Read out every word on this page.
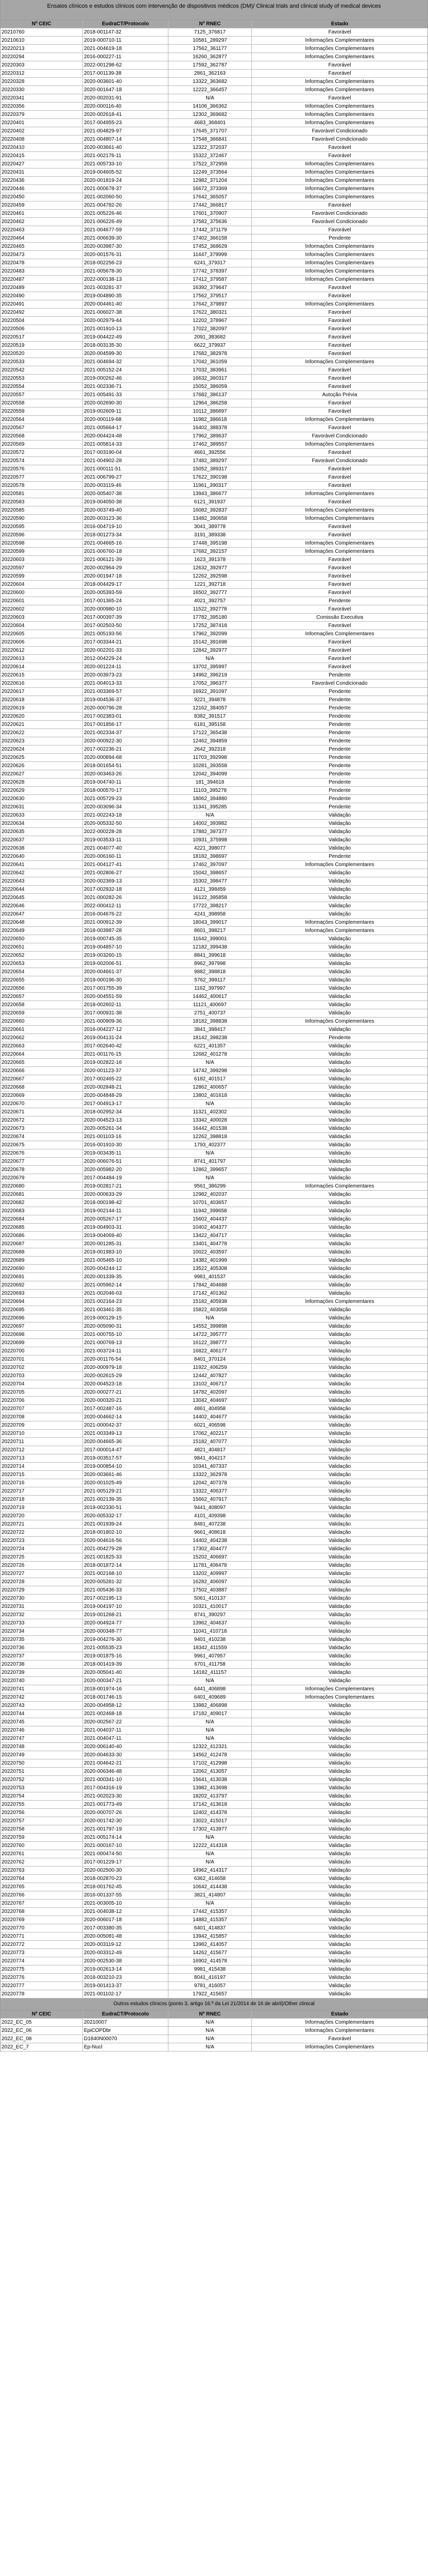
Ensaios clínicos e estudos clínicos com intervenção de dispositivos médicos (DM)/ Clinical trials and clinical study of medical devices
Nº CEIC	EudraCT/Protocolo	Nº RNEC	Estado
20210760	2018-001147-32	7125_376817	Favorável
20210610	2019-000710-11	10581_289297	Informações Complementares
20220213	2021-004619-18	17562_361177	Informações Complementares
20220294	2016-000227-11	16260_362877	Informações Complementares
20220303	2022-001298-62	17592_362787	Favorável
20220312	2017-001139-38	2861_362163	Favorável
20220328	2020-003601-40	13322_363682	Informações Complementares
20220330	2020-001647-18	12222_366457	Informações Complementares
20220341	2020-002031-91	N/A	Favorável
20220356	2020-000116-40	14106_366362	Informações Complementares
20220379	2020-002618-41	12302_369682	Informações Complementares
20220401	2017-004955-23	4683_368401	Informações Complementares
20220402	2021-004829-97	17645_371707	Favorável Condicionado
20220408	2021-004807-14	17548_366841	Favorável Condicionado
20220410	2020-003661-40	12322_372037	Favorável
20220415	2021-002176-11	15322_372467	Favorável
20220427	2021-005733-10	17522_372959	Informações Complementares
20220431	2019-004605-52	12249_373564	Informações Complementares
20220436	2020-001819-24	12982_371204	Informações Complementares
20220446	2021-000678-37	16672_373369	Informações Complementares
20220450	2021-002060-50	17642_365057	Informações Complementares
20220459	2021-004782-26	17442_366817	Favorável
20220461	2021-005226-46	17601_370907	Favorável Condicionado
20220462	2021-006226-49	17582_375636	Favorável Condicionado
20220463	2021-004677-59	17442_371179	Favorável
20220464	2021-006639-30	17402_366158	Pendente
20220465	2020-003987-30	17452_368629	Informações Complementares
20220473	2020-001576-31	11447_379999	Informações Complementares
20220478	2018-002256-23	6241_379317	Informações Complementares
20220483	2021-005678-30	17742_378397	Informações Complementares
20220487	2022-000138-13	17412_379587	Informações Complementares
20220489	2021-003281-37	16392_379647	Favorável
20220490	2019-004890-35	17562_379517	Favorável
20220491	2020-004461-40	17642_379897	Informações Complementares
20220492	2021-006027-38	17622_380321	Favorável
20220504	2020-002979-44	12202_378967	Favorável
20220506	2021-001910-13	17022_382097	Favorável
20220517	2019-004422-49	2091_383682	Favorável
20220519	2018-003135-30	6622_379937	Favorável
20220520	2020-004599-30	17682_382978	Favorável
20220533	2021-004694-32	17042_361059	Informações Complementares
20220542	2021-005152-24	17032_383961	Favorável
20220553	2019-000262-46	16632_360317	Favorável
20220554	2021-002336-71	15052_386059	Favorável
20220557	2021-005491-33	17682_386137	Autoção Prévia
20220558	2020-002690-30	12964_386258	Favorável
20220559	2019-002609-11	10112_386897	Favorável
20220564	2020-000119-68	11982_386618	Informações Complementares
20220567	2021-005664-17	16402_388378	Favorável
20220568	2020-004424-48	17962_389637	Favorável Condicionado
20220569	2021-005814-33	17462_389557	Informações Complementares
20220572	2017-003190-04	4661_392556	Favorável
20220574	2021-004902-28	17482_389297	Favorável Condicionado
20220576	2021-000111-51	15052_389317	Favorável
20220577	2021-006799-27	17622_390198	Favorável
20220578	2020-003119-46	11961_390317	Favorável
20220581	2020-005407-38	13943_386677	Informações Complementares
20220583	2019-004050-38	6121_391937	Favorável
20220585	2020-003749-40	16082_392837	Informações Complementares
20220590	2020-003123-36	13482_390658	Informações Complementares
20220595	2016-004719-10	3041_389778	Favorável
20220596	2018-001273-34	3191_389338	Favorável
20220598	2021-004665-16	17448_395198	Informações Complementares
20220599	2021-006760-18	17682_392157	Informações Complementares
20220603	2021-006121-39	1623_391378	Favorável
20220597	2020-002964-29	12632_392977	Favorável
20220599	2020-001947-18	12262_392598	Favorável
20220604	2018-004429-17	1221_392718	Favorável
20220600	2020-005393-59	16502_392777	Favorável
20220601	2017-001365-24	4021_392757	Pendente
20220602	2020-000980-10	11522_392778	Favorável
20220603	2017-000397-39	17782_395180	Comissão Executiva
20220604	2017-002503-50	17252_387418	Favorável
20220605	2021-005193-56	17962_392099	Informações Complementares
20220606	2017-003344-21	15142_391698	Favorável
20220612	2020-002201-33	12842_392977	Favorável
20220613	2012-004229-24	N/A	Favorável
20220614	2020-001224-11	13702_395997	Favorável
20220615	2020-003973-23	14962_396219	Pendente
20220616	2021-004013-33	17052_396377	Favorável Condicionado
20220617	2021-003369-57	16922_391097	Pendente
20220618	2019-004536-37	9221_394878	Pendente
20220619	2020-000796-28	12162_384057	Pendente
20220620	2017-002383-01	8382_391517	Pendente
20220621	2017-001856-17	6181_395158	Pendente
20220622	2021-002334-37	17122_365438	Pendente
20220623	2020-000922-30	12462_394859	Pendente
20220624	2017-002236-21	2642_392318	Pendente
20220625	2020-000894-68	11703_392998	Pendente
20220626	2018-001654-51	10281_393558	Pendente
20220627	2020-003463-26	12042_394099	Pendente
20220628	2019-004740-11	181_394618	Pendente
20220629	2018-000570-17	11103_395278	Pendente
20220630	2021-005729-23	18062_394880	Pendente
20220631	2020-003096-34	11341_395285	Pendente
20220633	2021-002243-18	N/A	Validação
20220634	2020-005332-50	14002_393982	Validação
20220635	2022-000228-28	17882_397377	Validação
20220637	2019-003533-11	10931_375998	Validação
20220638	2021-004077-40	4221_398077	Validação
20220640	2020-006160-11	18182_398697	Pendente
20220641	2021-004127-41	17462_397097	Informações Complementares
20220642	2021-002806-27	15042_398657	Validação
20220643	2020-002369-13	15302_398477	Validação
20220644	2017-002932-18	4121_398459	Validação
20220645	2021-000282-26	16122_395858	Validação
20220646	2022-000412-11	17722_398217	Validação
20220647	2016-004676-22	4241_398958	Validação
20220648	2021-000912-39	18043_399017	Informações Complementares
20220649	2018-003987-28	8601_398217	Informações Complementares
20220650	2019-000745-35	11642_399001	Validação
20220651	2019-004857-10	12182_399438	Validação
20220652	2019-003260-15	8841_399618	Validação
20220653	2019-002006-51	8962_397998	Validação
20220654	2020-004661-37	9882_398818	Validação
20220655	2019-000196-30	5762_399117	Validação
20220656	2017-001755-39	1162_397997	Validação
20220657	2020-004551-59	14462_400617	Validação
20220658	2018-002602-11	11121_400697	Validação
20220659	2017-000931-38	2751_400737	Validação
20220660	2021-000909-36	18182_398838	Informações Complementares
20220661	2016-004227-12	3841_398417	Validação
20220662	2019-004131-24	18142_398238	Pendente
20220663	2017-002640-42	6221_401357	Validação
20220664	2021-001176-15	12682_401278	Validação
20220665	2019-002822-16	N/A	Validação
20220666	2020-001123-37	14742_399298	Validação
20220667	2017-002465-22	6182_401517	Validação
20220668	2020-002848-21	12862_400657	Validação
20220669	2020-004848-29	13802_401618	Validação
20220670	2017-004913-17	N/A	Validação
20220671	2018-002952-34	11321_402302	Validação
20220672	2020-004523-13	13342_400028	Validação
20220673	2020-005261-34	16442_401538	Validação
20220674	2021-001103-16	12262_398818	Validação
20220675	2016-001910-30	1793_402377	Validação
20220676	2019-003435-11	N/A	Validação
20220677	2020-006076-51	8741_401797	Validação
20220678	2020-005982-20	12862_399657	Validação
20220679	2017-004484-19	N/A	Validação
20220680	2019-002817-21	9561_386299	Informações Complementares
20220681	2020-000633-29	12982_402037	Validação
20220682	2018-000198-42	10701_403657	Validação
20220683	2019-002144-11	11942_399658	Validação
20220684	2020-005267-17	15602_404437	Validação
20220685	2019-004903-31	10402_404377	Validação
20220686	2019-004069-40	13422_404717	Validação
20220687	2020-001285-31	13401_404778	Validação
20220688	2019-001983-10	10022_403597	Validação
20220689	2021-005465-10	14382_401999	Validação
20220690	2020-004244-12	13522_405308	Validação
20220691	2020-001339-35	9981_401537	Validação
20220692	2021-005962-14	17842_404688	Validação
20220693	2021-002046-03	17142_401362	Validação
20220694	2021-002164-23	15182_405938	Informações Complementares
20220695	2021-003461-35	15822_403058	Validação
20220696	2019-000129-15	N/A	Validação
20220697	2020-005090-31	14552_399898	Validação
20220698	2021-000755-10	14722_395777	Validação
20220699	2021-000769-13	16122_398777	Validação
20220700	2021-003724-11	16822_406177	Validação
20220701	2020-001176-54	8401_370124	Validação
20220702	2020-000979-18	11922_406259	Validação
20220703	2020-002615-29	12442_407827	Validação
20220704	2020-004523-18	13102_406717	Validação
20220705	2020-000277-21	14782_402097	Validação
20220706	2020-000320-21	13042_404697	Validação
20220707	2017-002487-16	4861_404958	Validação
20220708	2020-004662-14	14402_404677	Validação
20220709	2021-000042-37	6021_406598	Validação
20220710	2021-003349-13	17062_402217	Validação
20220711	2020-004665-36	15182_407077	Validação
20220712	2017-000014-47	4821_404817	Validação
20220713	2019-003517-57	9841_404217	Validação
20220714	2019-000854-10	10341_407337	Validação
20220715	2020-003661-46	13322_362978	Validação
20220716	2020-001025-49	12042_407378	Validação
20220717	2021-005129-21	13322_406377	Validação
20220718	2021-002139-35	15662_407917	Validação
20220719	2019-002330-51	9441_408097	Validação
20220720	2020-005332-17	4101_409398	Validação
20220721	2021-001939-24	8481_407238	Validação
20220722	2018-001802-10	9661_408618	Validação
20220723	2020-004616-56	14402_404238	Validação
20220724	2021-004279-28	17302_404477	Validação
20220725	2021-001825-33	15202_406697	Validação
20220726	2018-001872-14	11781_406478	Validação
20220727	2021-002168-10	13202_409997	Validação
20220728	2020-005281-32	16282_406097	Validação
20220729	2021-005436-33	17502_403887	Validação
20220730	2017-002195-13	5061_410137	Validação
20220731	2019-004197-10	10321_410017	Validação
20220732	2019-001268-21	8741_390297	Validação
20220733	2020-004924-77	13962_404637	Validação
20220734	2020-000348-77	11041_410718	Validação
20220735	2019-004276-30	9401_410238	Validação
20220736	2021-005535-23	18342_411559	Validação
20220737	2019-001875-16	9961_407957	Validação
20220738	2018-001419-39	6701_411758	Validação
20220739	2020-005041-40	14182_411157	Validação
20220740	2020-000347-21	N/A	Validação
20220741	2018-001974-16	6441_406898	Informações Complementares
20220742	2018-001746-15	6401_409689	Informações Complementares
20220743	2020-004958-12	13982_406898	Validação
20220744	2021-002468-18	17182_409017	Validação
20220745	2020-002567-22	N/A	Validação
20220746	2021-004037-11	N/A	Validação
20220747	2021-004047-11	N/A	Validação
20220748	2020-006140-40	12322_412321	Validação
20220749	2020-004633-30	14562_412478	Validação
20220750	2021-004642-21	17102_412998	Validação
20220751	2020-006346-48	12062_413057	Validação
20220752	2021-000341-10	15641_413038	Validação
20220753	2017-004316-19	13982_413698	Validação
20220754	2021-002023-30	18202_413797	Validação
20220755	2021-001773-49	17142_413618	Validação
20220756	2020-000707-26	12402_414378	Validação
20220757	2020-001742-30	13022_415017	Validação
20220758	2021-001797-19	17302_413977	Validação
20220759	2021-005174-14	N/A	Validação
20220760	2021-000167-10	12222_414318	Validação
20220761	2021-000474-50	N/A	Validação
20220762	2017-001229-17	N/A	Validação
20220763	2020-002500-30	14962_414317	Validação
20220764	2018-002870-23	6362_414658	Validação
20220765	2018-001762-45	10642_414438	Validação
20220766	2016-001337-55	3821_414807	Validação
20220767	2021-003005-10	N/A	Validação
20220768	2021-004038-12	17442_415357	Validação
20220769	2020-006017-18	14882_415357	Validação
20220770	2017-003380-35	6401_414837	Validação
20220771	2020-005081-48	13942_415857	Validação
20220772	2020-003119-12	13982_414057	Validação
20220773	2020-003312-49	14262_415677	Validação
20220774	2020-002530-38	16902_414578	Validação
20220775	2019-002613-14	9981_415438	Validação
20220776	2018-003210-23	8041_416197	Validação
20220777	2019-001413-37	9781_416057	Validação
20220778	2021-001102-17	17922_415657	Validação
Outros estudos clínicos (ponto 3, artigo 16.º da Lei 21/2014 de 16 de abril)/Other clinical
Nº CEIC	EudraCT/Protocolo	Nº RNEC	Estado
2022_EC_05	20210007	N/A	Informações Complementares
2022_EC_06	EpiCOPDbr	N/A	Informações Complementares
2022_EC_08	D1840N00070	N/A	Favorável
2022_EC_7	Ep-Nucl	N/A	Informações Complementares
